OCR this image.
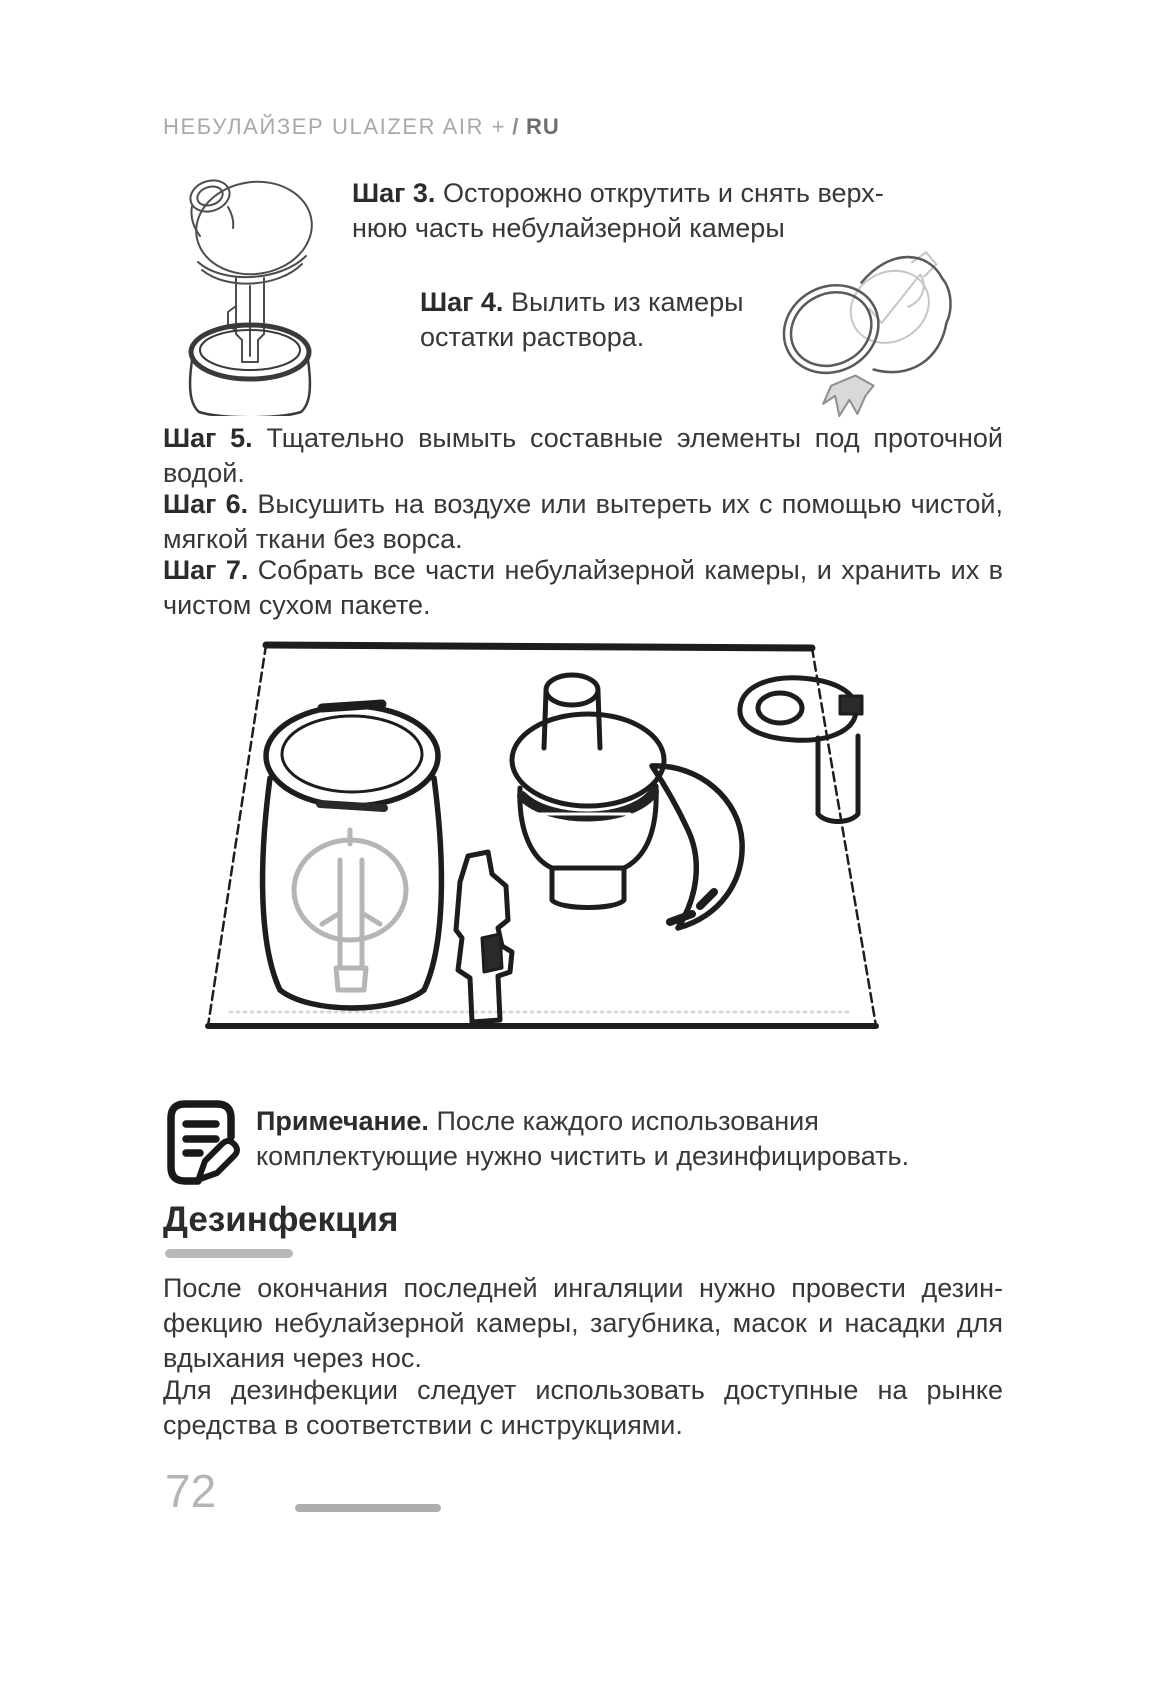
НЕБУЛАЙЗЕР ULAIZER AIR + / RU

Шаг 3. Осторожно открутить и снять верх-
нюю часть небулайзерной камеры

Шаг 4. Вылить из камеры
остатки раствора.

Шаг 5. Тщательно вымыть составные элементы под проточной водой.

Шаг 6. Высушить на воздухе или вытереть их с помощью чистой, мягкой ткани без ворса.

Шаг 7. Собрать все части небулайзерной камеры, и хранить их в чистом сухом пакете.

Примечание. После каждого использования комплектующие нужно чистить и дезинфицировать.

Дезинфекция

После окончания последней ингаляции нужно провести дезинфекцию небулайзерной камеры, загубника, масок и насадки для вдыхания через нос.

Для дезинфекции следует использовать доступные на рынке средства в соответствии с инструкциями.

72
